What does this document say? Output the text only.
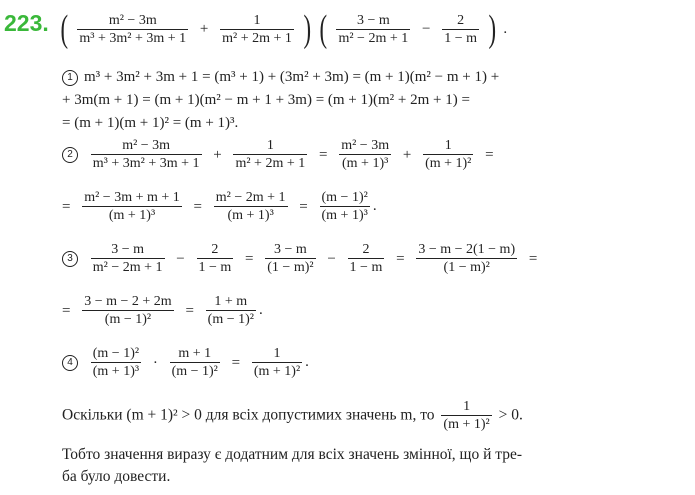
223. ( $\frac{\text{m² − 3m}}{\text{m³ + 3m² + 3m + 1}} + \frac{1}{\text{m² + 2m + 1}}$ ) ( $\frac{3 - m}{\text{m² − 2m + 1}} - \frac{2}{1 - m}$ ) .
1 m³ + 3m² + 3m + 1 = (m³ + 1) + (3m² + 3m) = (m + 1)(m² − m + 1) +
+ 3m(m + 1) = (m + 1)(m² − m + 1 + 3m) = (m + 1)(m² + 2m + 1) =
= (m + 1)(m + 1)² = (m + 1)³.
$2 \frac{\text{m² − 3m}}{\text{m³ + 3m² + 3m + 1}} + \frac{1}{\text{m² + 2m + 1}} = \frac{\text{m² − 3m}}{\text{(m + 1)³}} + \frac{1}{\text{(m + 1)²}}$ =
= $\frac{\text{m² − 3m + m + 1}}{\text{(m + 1)³}} = \frac{\text{m² − 2m + 1}}{\text{(m + 1)³}} = \frac{\text{(m − 1)²}}{\text{(m + 1)³}}$ .
$3 \frac{3 - m}{\text{m² − 2m + 1}} - \frac{2}{1 - m} = \frac{3 - m}{\text{(1 − m)²}} - \frac{2}{1 - m} = \frac{3 - m - 2(1 - m)}{\text{(1 − m)²}}$ =
= $\frac{3 - m - 2 + 2m}{\text{(m − 1)²}} = \frac{1 + m}{\text{(m − 1)²}}$ .
$4 \frac{\text{(m − 1)²}}{\text{(m + 1)³}} \cdot \frac{m + 1}{\text{(m − 1)²}} = \frac{1}{\text{(m + 1)²}}$ .
Оскільки (m + 1)² > 0 для всіх допустимих значень m, то $\frac{1}{\text{(m + 1)²}} > 0$.
Тобто значення виразу є додатним для всіх значень змінної, що й тре-
ба було довести.
